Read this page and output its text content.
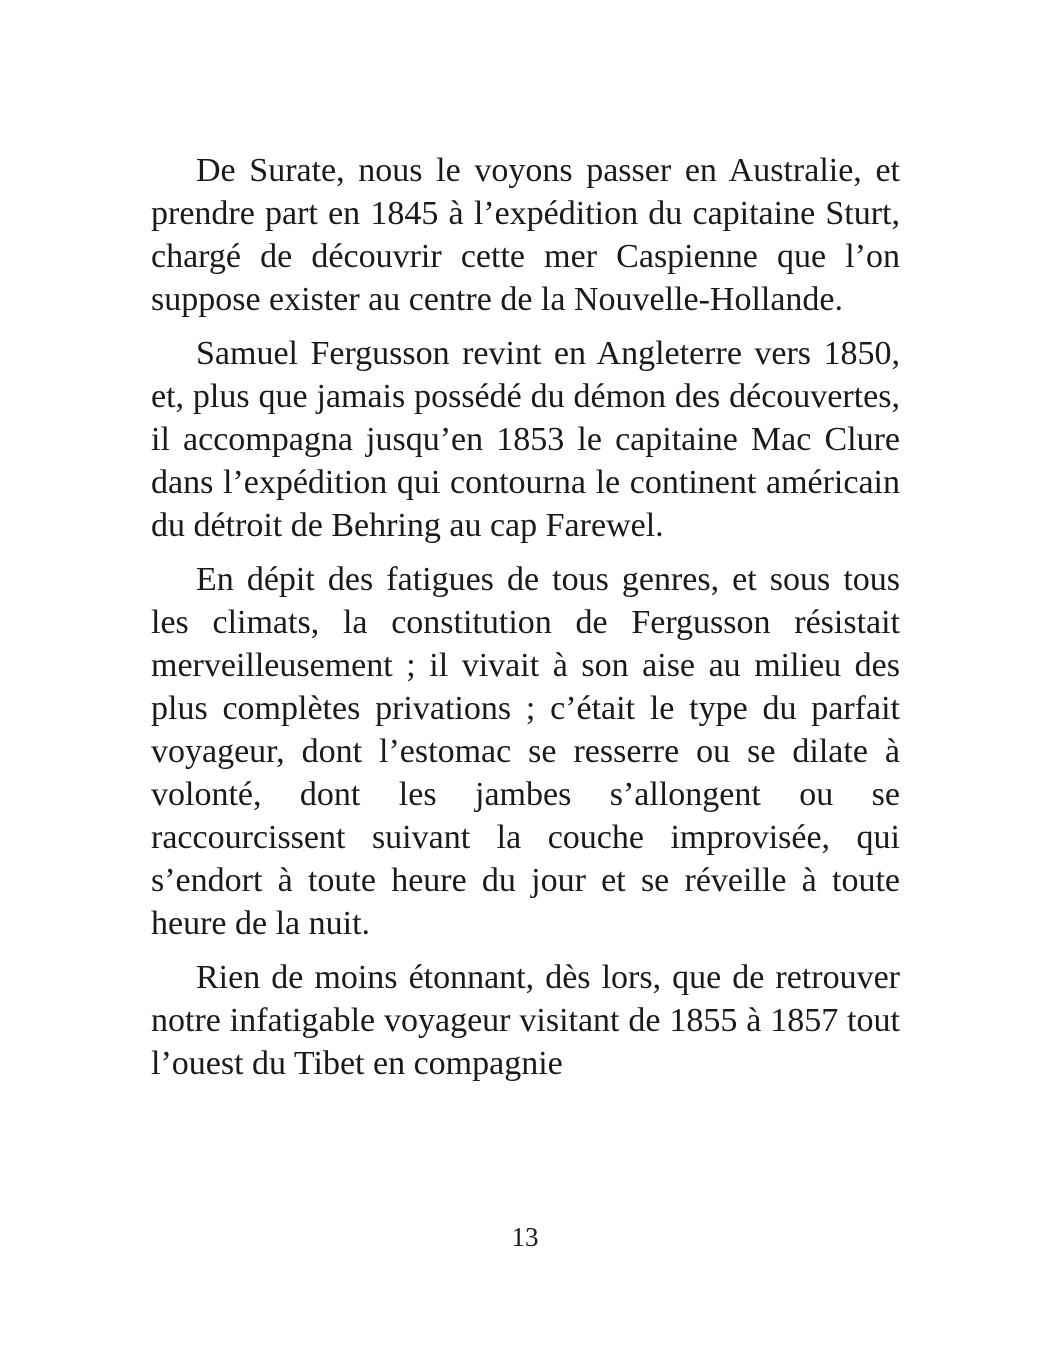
De Surate, nous le voyons passer en Australie, et prendre part en 1845 à l’expédition du capitaine Sturt, chargé de découvrir cette mer Caspienne que l’on suppose exister au centre de la Nouvelle-Hollande.

Samuel Fergusson revint en Angleterre vers 1850, et, plus que jamais possédé du démon des découvertes, il accompagna jusqu’en 1853 le capitaine Mac Clure dans l’expédition qui contourna le continent américain du détroit de Behring au cap Farewel.

En dépit des fatigues de tous genres, et sous tous les climats, la constitution de Fergusson résistait merveilleusement ; il vivait à son aise au milieu des plus complètes privations ; c’était le type du parfait voyageur, dont l’estomac se resserre ou se dilate à volonté, dont les jambes s’allongent ou se raccourcissent suivant la couche improvisée, qui s’endort à toute heure du jour et se réveille à toute heure de la nuit.

Rien de moins étonnant, dès lors, que de retrouver notre infatigable voyageur visitant de 1855 à 1857 tout l’ouest du Tibet en compagnie

13
